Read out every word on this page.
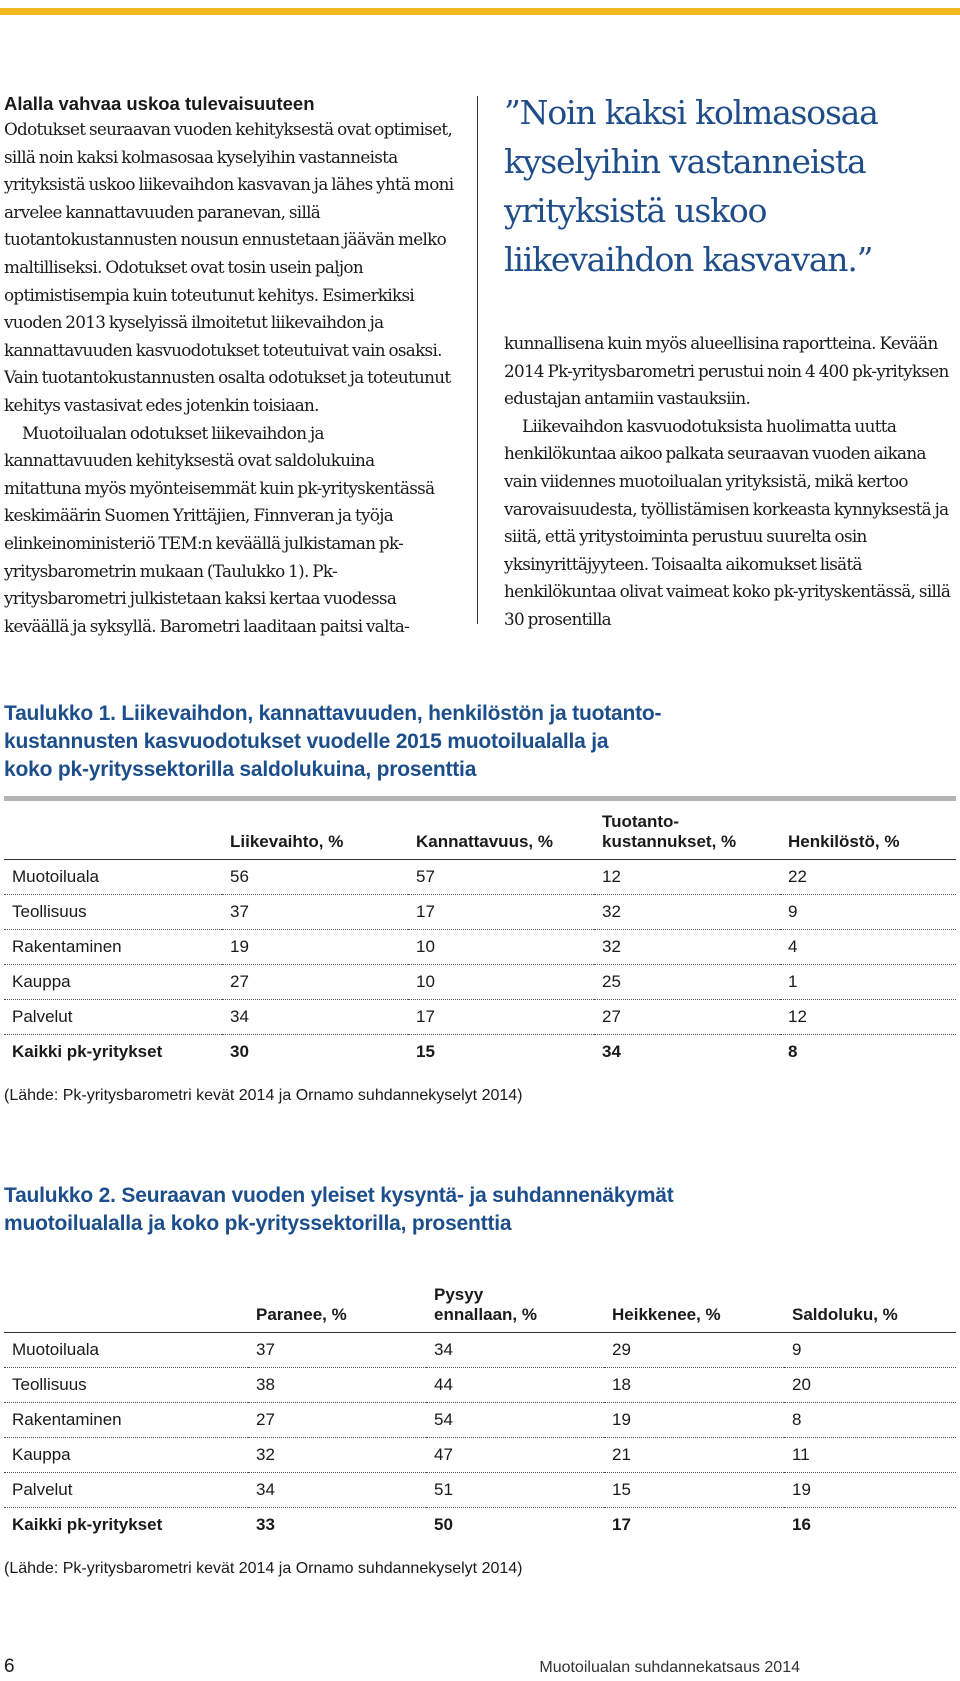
Alalla vahvaa uskoa tulevaisuuteen

Odotukset seuraavan vuoden kehityksestä ovat optimiset, sillä noin kaksi kolmasosaa kyselyihin vastanneista yrityksistä uskoo liikevaihdon kasvavan ja lähes yhtä moni arvelee kannattavuuden paranevan, sillä tuotantokustannusten nousun ennustetaan jäävän melko maltilliseksi. Odotukset ovat tosin usein paljon optimistisempia kuin toteutunut kehitys. Esimerkiksi vuoden 2013 kyselyissä ilmoitetut liikevaihdon ja kannattavuuden kasvuodotukset toteutuivat vain osaksi. Vain tuotantokustannusten osalta odotukset ja toteutunut kehitys vastasivat edes jotenkin toisiaan.

Muotoilualan odotukset liikevaihdon ja kannattavuuden kehityksestä ovat saldolukuina mitattuna myös myönteisemmät kuin pk-yrityskentässä keskimäärin Suomen Yrittäjien, Finnveran ja työja elinkeinoministeriö TEM:n keväällä julkistaman pk-yritysbarometrin mukaan (Taulukko 1). Pk-yritysbarometri julkistetaan kaksi kertaa vuodessa keväällä ja syksyllä. Barometri laaditaan paitsi valta-

”Noin kaksi kolmasosaa kyselyihin vastanneista yrityksistä uskoo liikevaihdon kasvavan.”

kunnallisena kuin myös alueellisina raportteina. Kevään 2014 Pk-yritysbarometri perustui noin 4 400 pk-yrityksen edustajan antamiin vastauksiin.

Liikevaihdon kasvuodotuksista huolimatta uutta henkilökuntaa aikoo palkata seuraavan vuoden aikana vain viidennes muotoilualan yrityksistä, mikä kertoo varovaisuudesta, työllistämisen korkeasta kynnyksestä ja siitä, että yritystoiminta perustuu suurelta osin yksinyrittäjyyteen. Toisaalta aikomukset lisätä henkilökuntaa olivat vaimeat koko pk-yrityskentässä, sillä 30 prosentilla

Taulukko 1. Liikevaihdon, kannattavuuden, henkilöstön ja tuotanto-
kustannusten kasvuodotukset vuodelle 2015 muotoilualalla ja
koko pk-yrityssektorilla saldolukuina, prosenttia
	Liikevaihto, %	Kannattavuus, %	Tuotanto-
kustannukset, %	Henkilöstö, %
Muotoiluala	56	57	12	22
Teollisuus	37	17	32	9
Rakentaminen	19	10	32	4
Kauppa	27	10	25	1
Palvelut	34	17	27	12
Kaikki pk-yritykset	30	15	34	8

(Lähde: Pk-yritysbarometri kevät 2014 ja Ornamo suhdannekyselyt 2014)

Taulukko 2. Seuraavan vuoden yleiset kysyntä- ja suhdannenäkymät
muotoilualalla ja koko pk-yrityssektorilla, prosenttia
	Paranee, %	Pysyy
ennallaan, %	Heikkenee, %	Saldoluku, %
Muotoiluala	37	34	29	9
Teollisuus	38	44	18	20
Rakentaminen	27	54	19	8
Kauppa	32	47	21	11
Palvelut	34	51	15	19
Kaikki pk-yritykset	33	50	17	16

(Lähde: Pk-yritysbarometri kevät 2014 ja Ornamo suhdannekyselyt 2014)

6	Muotoilualan suhdannekatsaus 2014
